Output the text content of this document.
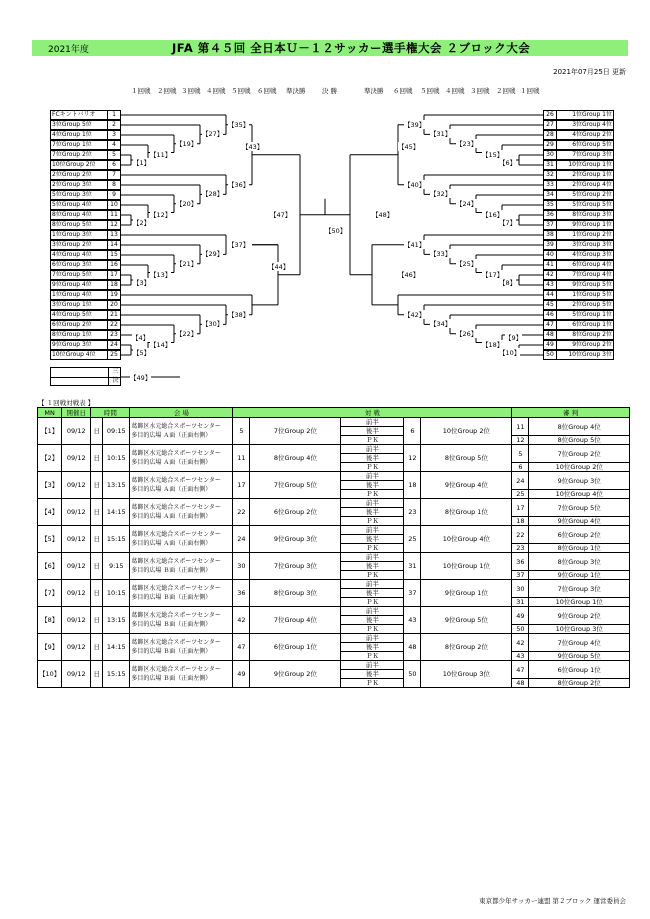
2021年度	JFA 第４５回 全日本Ｕ－１２サッカー選手権大会 ２ブロック大会
2021年07月25日 更新
１回戦 ２回戦 ３回戦 ４回戦 ５回戦 ６回戦 準決勝	決 勝	準決勝 ６回戦 ５回戦 ４回戦 ３回戦 ２回戦 １回戦
FCキントバリオ	1
3位Group 5位	2
4位Group 1位	3
7位Group 1位	4
7位Group 2位	5
10位Group 2位	6
2位Group 2位	7
2位Group 3位	8
5位Group 3位	9
5位Group 4位	10
8位Group 4位	11
8位Group 5位	12
1位Group 3位	13
3位Group 2位	14
4位Group 4位	15
6位Group 3位	16
7位Group 5位	17
9位Group 4位	18
1位Group 4位	19
3位Group 1位	20
4位Group 5位	21
6位Group 2位	22
8位Group 1位	23
9位Group 3位	24
10位Group 4位	25
26	1位Group 1位
27	3位Group 4位
28	4位Group 2位
29	6位Group 5位
30	7位Group 3位
31	10位Group 1位
32	2位Group 1位
33	2位Group 4位
34	5位Group 2位
35	5位Group 5位
36	8位Group 3位
37	9位Group 1位
38	1位Group 2位
39	3位Group 3位
40	4位Group 3位
41	6位Group 4位
42	7位Group 4位
43	9位Group 5位
44	1位Group 5位
45	2位Group 5位
46	5位Group 1位
47	6位Group 1位
48	8位Group 2位
49	9位Group 2位
50	10位Group 3位
【1】
【11】
【19】
【27】
【35】
【2】
【12】
【20】
【28】
【36】
【3】
【13】
【21】
【29】
【37】
【5】
【14】
【22】
【30】
【38】
【4】
【43】
【44】
【47】
【6】
【15】
【23】
【31】
【39】
【7】
【16】
【24】
【32】
【40】
【8】
【17】
【25】
【33】
【41】
【10】
【18】
【26】
【34】
【42】
【9】
【45】
【46】
【48】
【50】
【49】
三
決
【 １回戦対戦表 】
MN	開催日	時間		会 場	対 戦					審 判	
【1】	09/12	日	09:15	葛飾区水元総合スポーツセンター
多目的広場 Ａ面（正面右側）	5	7位Group 2位	前半	6	10位Group 2位	11	8位Group 4位
							後半				
							ＰＫ			12	8位Group 5位
【2】	09/12	日	10:15	葛飾区水元総合スポーツセンター
多目的広場 Ａ面（正面右側）	11	8位Group 4位	前半	12	8位Group 5位	5	7位Group 2位
							後半				
							ＰＫ			6	10位Group 2位
【3】	09/12	日	13:15	葛飾区水元総合スポーツセンター
多目的広場 Ａ面（正面右側）	17	7位Group 5位	前半	18	9位Group 4位	24	9位Group 3位
							後半				
							ＰＫ			25	10位Group 4位
【4】	09/12	日	14:15	葛飾区水元総合スポーツセンター
多目的広場 Ａ面（正面右側）	22	6位Group 2位	前半	23	8位Group 1位	17	7位Group 5位
							後半				
							ＰＫ			18	9位Group 4位
【5】	09/12	日	15:15	葛飾区水元総合スポーツセンター
多目的広場 Ａ面（正面右側）	24	9位Group 3位	前半	25	10位Group 4位	22	6位Group 2位
							後半				
							ＰＫ			23	8位Group 1位
【6】	09/12	日	9:15	葛飾区水元総合スポーツセンター
多目的広場 Ｂ面（正面左側）	30	7位Group 3位	前半	31	10位Group 1位	36	8位Group 3位
							後半				
							ＰＫ			37	9位Group 1位
【7】	09/12	日	10:15	葛飾区水元総合スポーツセンター
多目的広場 Ｂ面（正面左側）	36	8位Group 3位	前半	37	9位Group 1位	30	7位Group 3位
							後半				
							ＰＫ			31	10位Group 1位
【8】	09/12	日	13:15	葛飾区水元総合スポーツセンター
多目的広場 Ｂ面（正面左側）	42	7位Group 4位	前半	43	9位Group 5位	49	9位Group 2位
							後半				
							ＰＫ			50	10位Group 3位
【9】	09/12	日	14:15	葛飾区水元総合スポーツセンター
多目的広場 Ｂ面（正面左側）	47	6位Group 1位	前半	48	8位Group 2位	42	7位Group 4位
							後半				
							ＰＫ			43	9位Group 5位
【10】	09/12	日	15:15	葛飾区水元総合スポーツセンター
多目的広場 Ｂ面（正面左側）	49	9位Group 2位	前半	50	10位Group 3位	47	6位Group 1位
							後半				
							ＰＫ			48	8位Group 2位
東京都少年サッカー連盟 第２ブロック 運営委員会
